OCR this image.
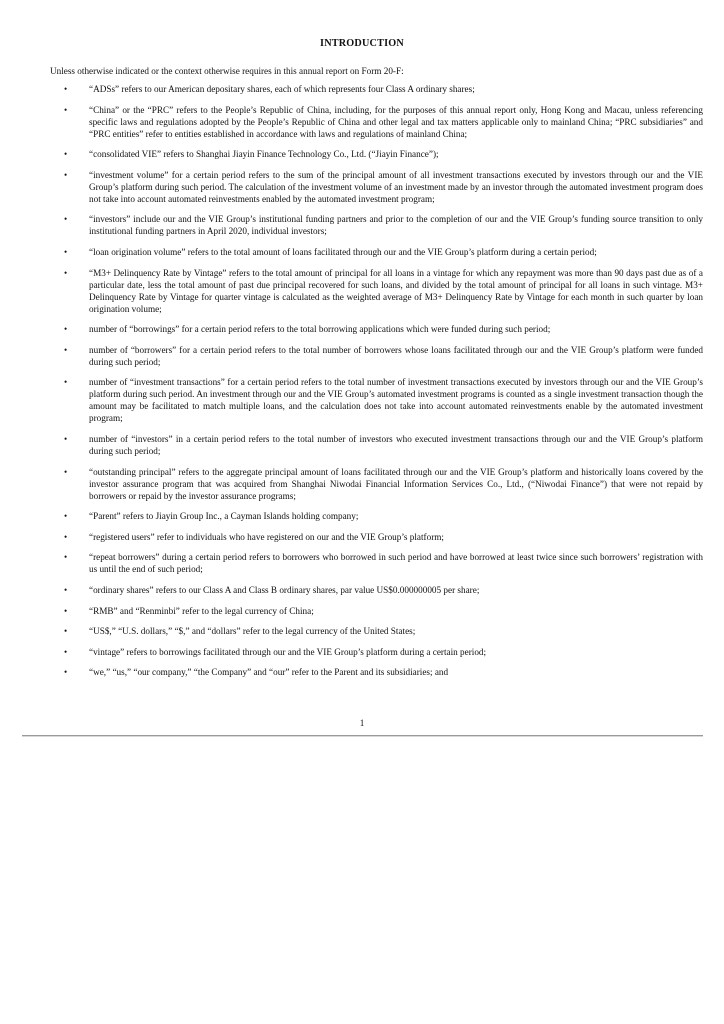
INTRODUCTION
Unless otherwise indicated or the context otherwise requires in this annual report on Form 20-F:
• “ADSs” refers to our American depositary shares, each of which represents four Class A ordinary shares;
• “China” or the “PRC” refers to the People’s Republic of China, including, for the purposes of this annual report only, Hong Kong and Macau, unless referencing specific laws and regulations adopted by the People’s Republic of China and other legal and tax matters applicable only to mainland China; “PRC subsidiaries” and “PRC entities” refer to entities established in accordance with laws and regulations of mainland China;
• “consolidated VIE” refers to Shanghai Jiayin Finance Technology Co., Ltd. (“Jiayin Finance”);
• “investment volume” for a certain period refers to the sum of the principal amount of all investment transactions executed by investors through our and the VIE Group’s platform during such period. The calculation of the investment volume of an investment made by an investor through the automated investment program does not take into account automated reinvestments enabled by the automated investment program;
• “investors” include our and the VIE Group’s institutional funding partners and prior to the completion of our and the VIE Group’s funding source transition to only institutional funding partners in April 2020, individual investors;
• “loan origination volume” refers to the total amount of loans facilitated through our and the VIE Group’s platform during a certain period;
• “M3+ Delinquency Rate by Vintage” refers to the total amount of principal for all loans in a vintage for which any repayment was more than 90 days past due as of a particular date, less the total amount of past due principal recovered for such loans, and divided by the total amount of principal for all loans in such vintage. M3+ Delinquency Rate by Vintage for quarter vintage is calculated as the weighted average of M3+ Delinquency Rate by Vintage for each month in such quarter by loan origination volume;
• number of “borrowings” for a certain period refers to the total borrowing applications which were funded during such period;
• number of “borrowers” for a certain period refers to the total number of borrowers whose loans facilitated through our and the VIE Group’s platform were funded during such period;
• number of “investment transactions” for a certain period refers to the total number of investment transactions executed by investors through our and the VIE Group’s platform during such period. An investment through our and the VIE Group’s automated investment programs is counted as a single investment transaction though the amount may be facilitated to match multiple loans, and the calculation does not take into account automated reinvestments enable by the automated investment program;
• number of “investors” in a certain period refers to the total number of investors who executed investment transactions through our and the VIE Group’s platform during such period;
• “outstanding principal” refers to the aggregate principal amount of loans facilitated through our and the VIE Group’s platform and historically loans covered by the investor assurance program that was acquired from Shanghai Niwodai Financial Information Services Co., Ltd., (“Niwodai Finance”) that were not repaid by borrowers or repaid by the investor assurance programs;
• “Parent” refers to Jiayin Group Inc., a Cayman Islands holding company;
• “registered users” refer to individuals who have registered on our and the VIE Group’s platform;
• “repeat borrowers” during a certain period refers to borrowers who borrowed in such period and have borrowed at least twice since such borrowers’ registration with us until the end of such period;
• “ordinary shares” refers to our Class A and Class B ordinary shares, par value US$0.000000005 per share;
• “RMB” and “Renminbi” refer to the legal currency of China;
• “US$,” “U.S. dollars,” “$,” and “dollars” refer to the legal currency of the United States;
• “vintage” refers to borrowings facilitated through our and the VIE Group’s platform during a certain period;
• “we,” “us,” “our company,” “the Company” and “our” refer to the Parent and its subsidiaries; and
1
